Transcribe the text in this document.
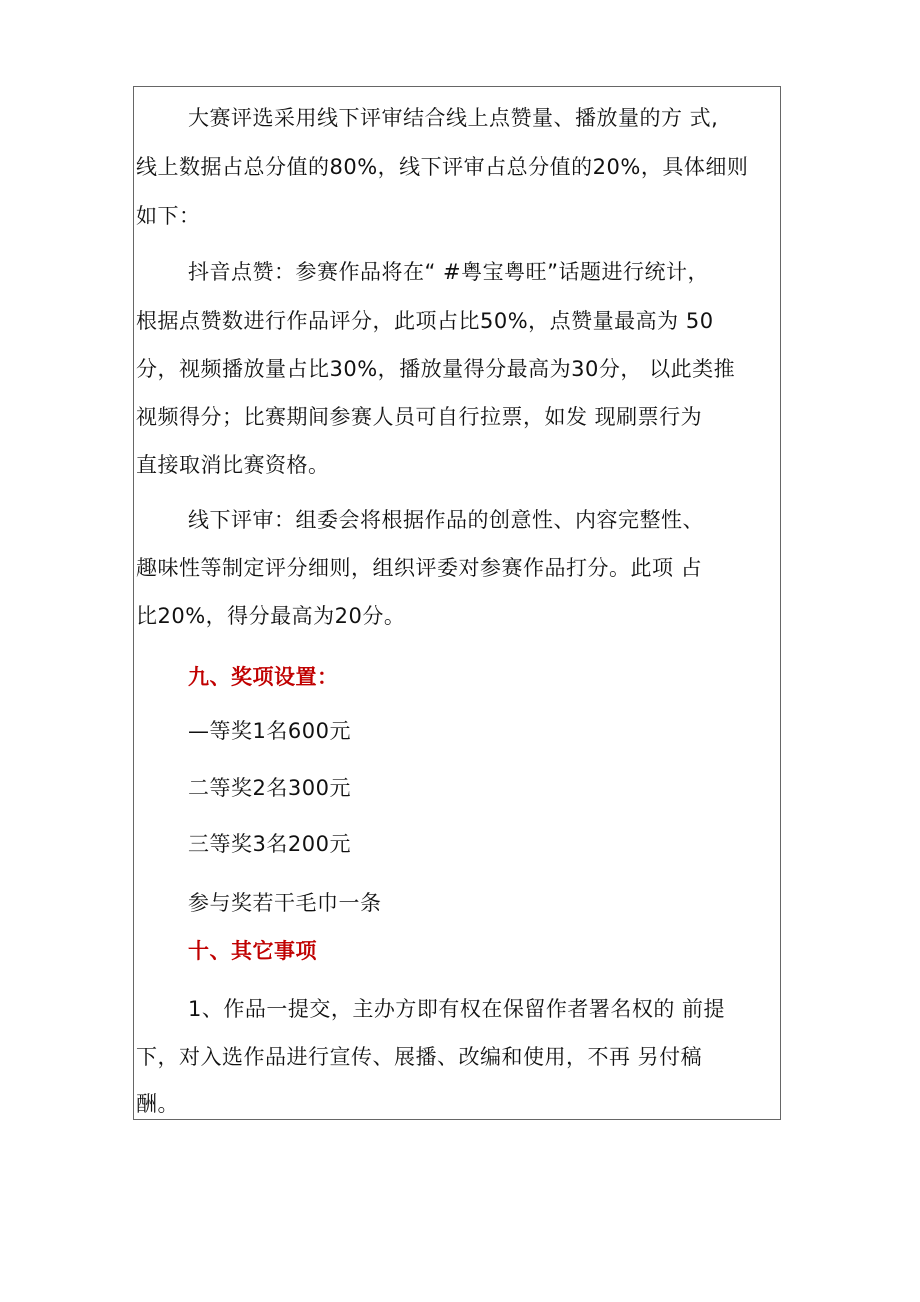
大赛评选采用线下评审结合线上点赞量、播放量的方 式,

线上数据占总分值的80%，线下评审占总分值的20%，具体细则

如下：

抖音点赞：参赛作品将在“ #粤宝粤旺”话题进行统计，

根据点赞数进行作品评分，此项占比50%，点赞量最高为 50

分，视频播放量占比30%，播放量得分最高为30分， 以此类推

视频得分；比赛期间参赛人员可自行拉票，如发 现刷票行为

直接取消比赛资格。

线下评审：组委会将根据作品的创意性、内容完整性、

趣味性等制定评分细则，组织评委对参赛作品打分。此项 占

比20%，得分最高为20分。

九、奖项设置：

—等奖1名600元

二等奖2名300元

三等奖3名200元

参与奖若干毛巾一条

十、其它事项

1、作品一提交，主办方即有权在保留作者署名权的 前提

下，对入选作品进行宣传、展播、改编和使用，不再 另付稿

酬。
